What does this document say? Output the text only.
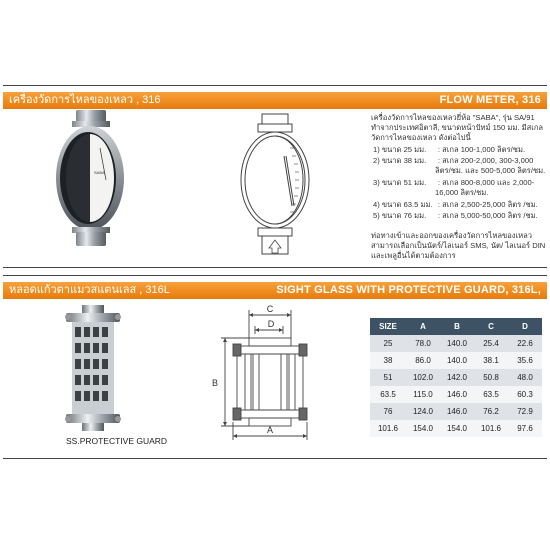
เครื่องวัดการไหลของเหลว , 316	FLOW METER, 316
SABA
เครื่องวัดการไหลของเหลวยี่ห้อ "SABA", รุ่น SA/91
ทำจากประเทศอิตาลี, ขนาดหน้าปัทม์ 150 มม. มีสเกล
วัดการไหลของเหลว ดังต่อไปนี้
1) ขนาด 25 มม. : สเกล 100-1,000 ลิตร/ชม.
2) ขนาด 38 มม. : สเกล 200-2,000, 300-3,000
ลิตร/ชม. และ 500-5,000 ลิตร/ชม.
3) ขนาด 51 มม. : สเกล 800-8,000 และ 2,000-
16,000 ลิตร/ชม.
4) ขนาด 63.5 มม. : สเกล 2,500-25,000 ลิตร /ชม.
5) ขนาด 76 มม. : สเกล 5,000-50,000 ลิตร /ชม.
ท่อทางเข้าและออกของเครื่องวัดการไหลของเหลว
สามารถเลือกเป็นนัตร์/ไลเนอร์ SMS, นัต/ ไลเนอร์ DIN
และเพลูอื่นได้ตามต้องการ
หลอดแก้วตาแมวสแตนเลส , 316L	SIGHT GLASS WITH PROTECTIVE GUARD, 316L,
SS.PROTECTIVE GUARD
C
D
B
A
SIZE	A	B	C	D
25	78.0	140.0	25.4	22.6
38	86.0	140.0	38.1	35.6
51	102.0	142.0	50.8	48.0
63.5	115.0	146.0	63.5	60.3
76	124.0	146.0	76.2	72.9
101.6	154.0	154.0	101.6	97.6
